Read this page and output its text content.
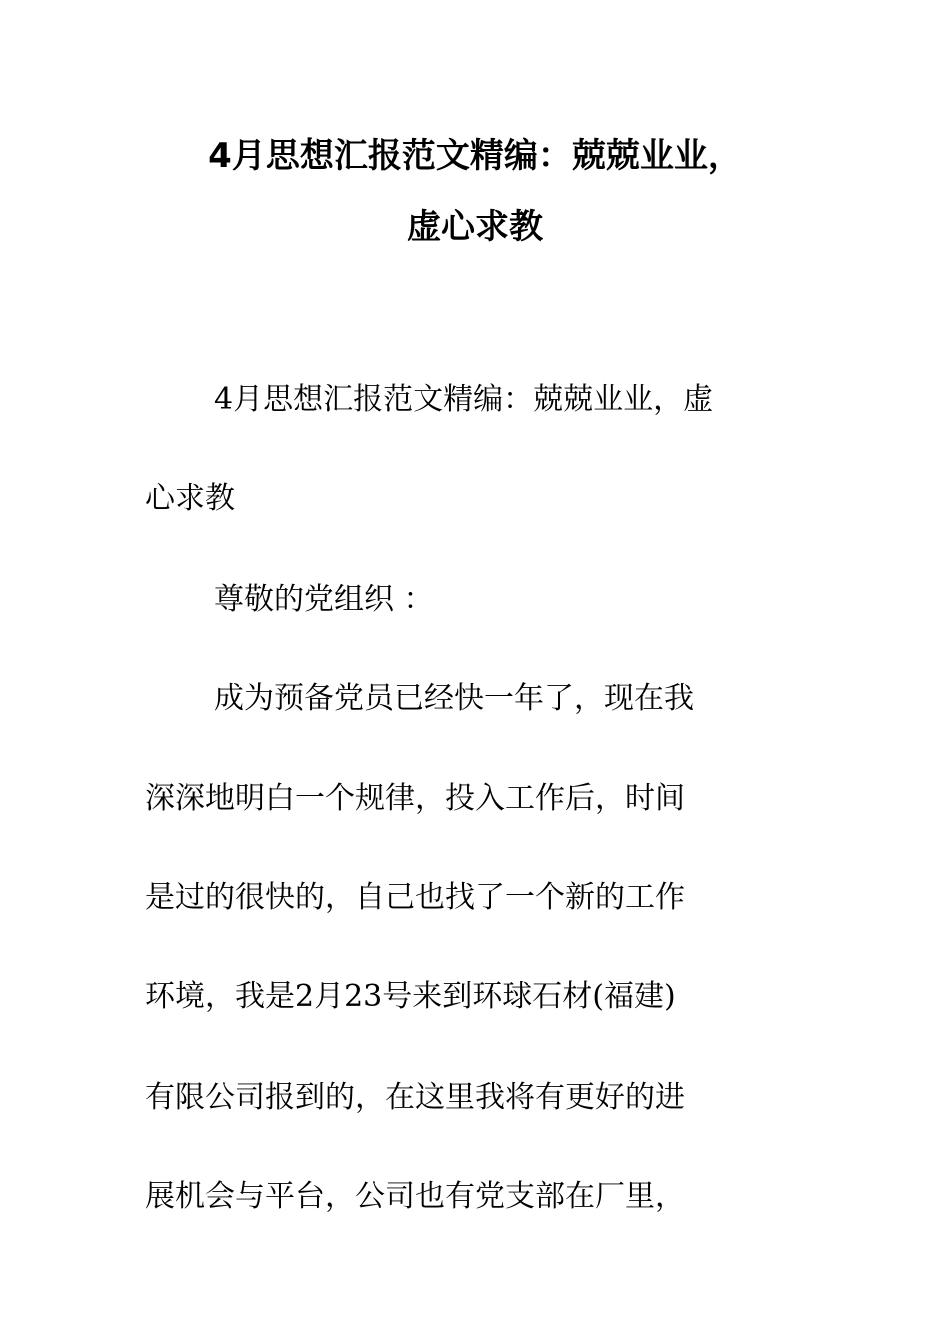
4月思想汇报范文精编：兢兢业业，
虚心求教
4月思想汇报范文精编：兢兢业业，虚
心求教
尊敬的党组织 ：
成为预备党员已经快一年了，现在我
深深地明白一个规律，投入工作后，时间
是过的很快的，自己也找了一个新的工作
环境，我是2月23号来到环球石材(福建)
有限公司报到的，在这里我将有更好的进
展机会与平台，公司也有党支部在厂里，
